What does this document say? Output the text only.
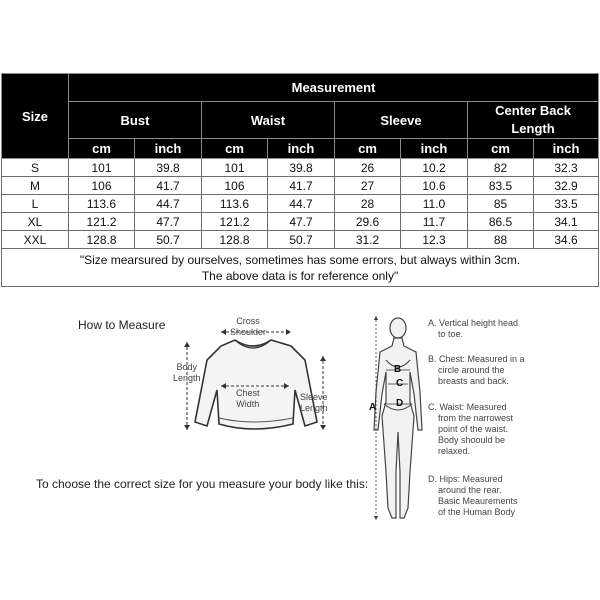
Size	Measurement							
	Bust		Waist		Sleeve		Center Back Length	
	cm	inch	cm	inch	cm	inch	cm	inch
S	101	39.8	101	39.8	26	10.2	82	32.3
M	106	41.7	106	41.7	27	10.6	83.5	32.9
L	113.6	44.7	113.6	44.7	28	11.0	85	33.5
XL	121.2	47.7	121.2	47.7	29.6	11.7	86.5	34.1
XXL	128.8	50.7	128.8	50.7	31.2	12.3	88	34.6
"Size mearsured by ourselves, sometimes has some errors, but always within 3cm.
The above data is for reference only"								
How to Measure	Cross
Shoulder
Body
Length
Chest
Width
Sleeve
Length
To choose the correct size for you measure your body like this:
A
B
C
D
A. Vertical height head
to toe.
B. Chest: Measured in a
circle around the
breasts and back.
C. Waist: Measured
from the narrowest
point of the waist.
Body shoould be
relaxed.
D. Hips: Measured
around the rear.
Basic Meaurements
of the Human Body
